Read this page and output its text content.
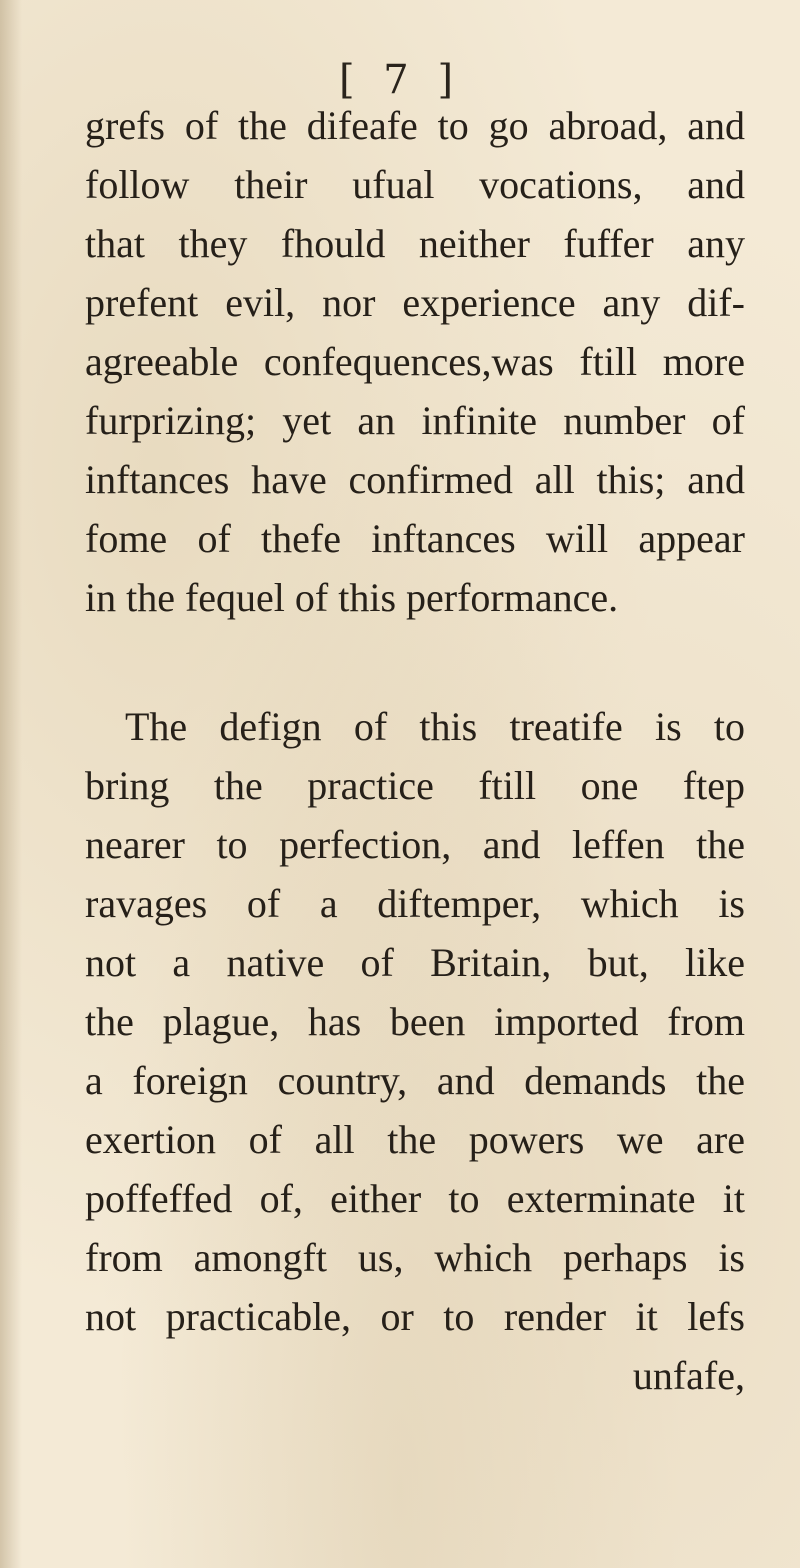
[ 7 ]
grefs of the difeafe to go abroad, and
follow their ufual vocations, and
that they fhould neither fuffer any
prefent evil, nor experience any dif-
agreeable confequences,was ftill more
furprizing; yet an infinite number of
inftances have confirmed all this; and
fome of thefe inftances will appear
in the fequel of this performance.
The defign of this treatife is to
bring the practice ftill one ftep
nearer to perfection, and leffen the
ravages of a diftemper, which is
not a native of Britain, but, like
the plague, has been imported from
a foreign country, and demands the
exertion of all the powers we are
poffeffed of, either to exterminate it
from amongft us, which perhaps is
not practicable, or to render it lefs
unfafe,
